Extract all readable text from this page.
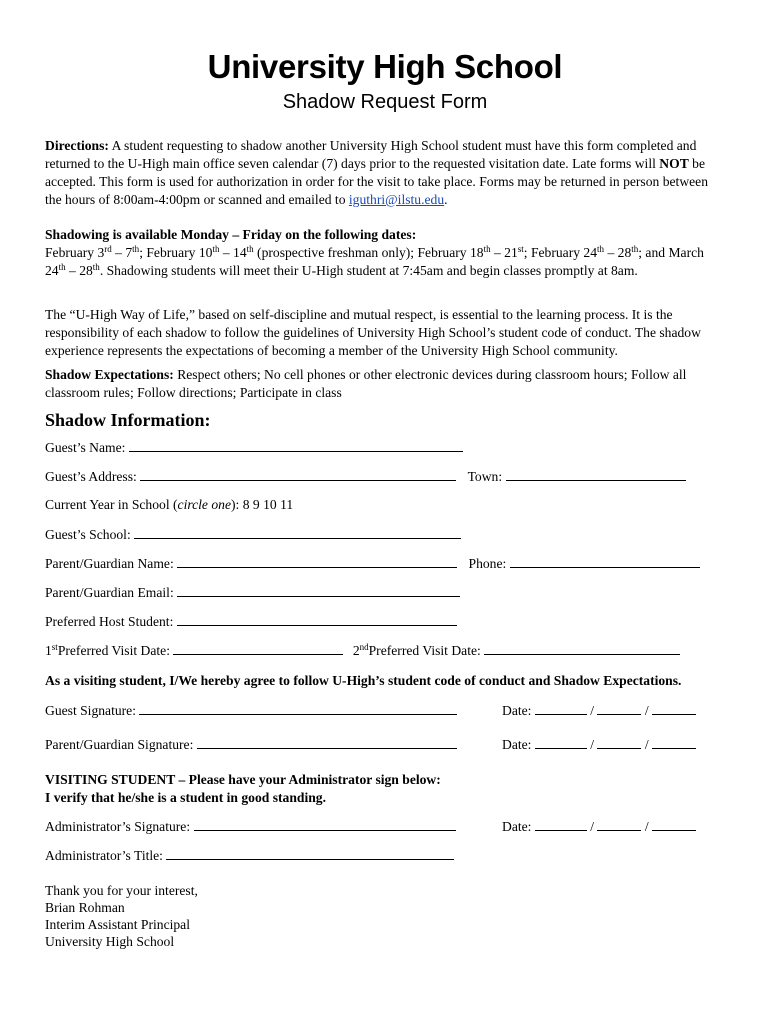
University High School
Shadow Request Form

Directions: A student requesting to shadow another University High School student must have this form completed and returned to the U-High main office seven calendar (7) days prior to the requested visitation date. Late forms will NOT be accepted. This form is used for authorization in order for the visit to take place. Forms may be returned in person between the hours of 8:00am-4:00pm or scanned and emailed to iguthri@ilstu.edu.

Shadowing is available Monday – Friday on the following dates:

February 3rd – 7th; February 10th – 14th (prospective freshman only); February 18th – 21st; February 24th – 28th; and March 24th – 28th. Shadowing students will meet their U-High student at 7:45am and begin classes promptly at 8am.

The “U-High Way of Life,” based on self-discipline and mutual respect, is essential to the learning process. It is the responsibility of each shadow to follow the guidelines of University High School’s student code of conduct. The shadow experience represents the expectations of becoming a member of the University High School community.

Shadow Expectations: Respect others; No cell phones or other electronic devices during classroom hours; Follow all classroom rules; Follow directions; Participate in class

Shadow Information:
Guest’s Name:
Guest’s Address:	Town:
Current Year in School (circle one): 8 9 10 11
Guest’s School:
Parent/Guardian Name:	Phone:
Parent/Guardian Email:
Preferred Host Student:
1stPreferred Visit Date:	2ndPreferred Visit Date:
As a visiting student, I/We hereby agree to follow U-High’s student code of conduct and Shadow Expectations.
Guest Signature:	Date:	/	/
Parent/Guardian Signature:	Date:	/	/
VISITING STUDENT – Please have your Administrator sign below:
I verify that he/she is a student in good standing.
Administrator’s Signature:	Date:	/	/
Administrator’s Title:
Thank you for your interest,
Brian Rohman
Interim Assistant Principal
University High School
